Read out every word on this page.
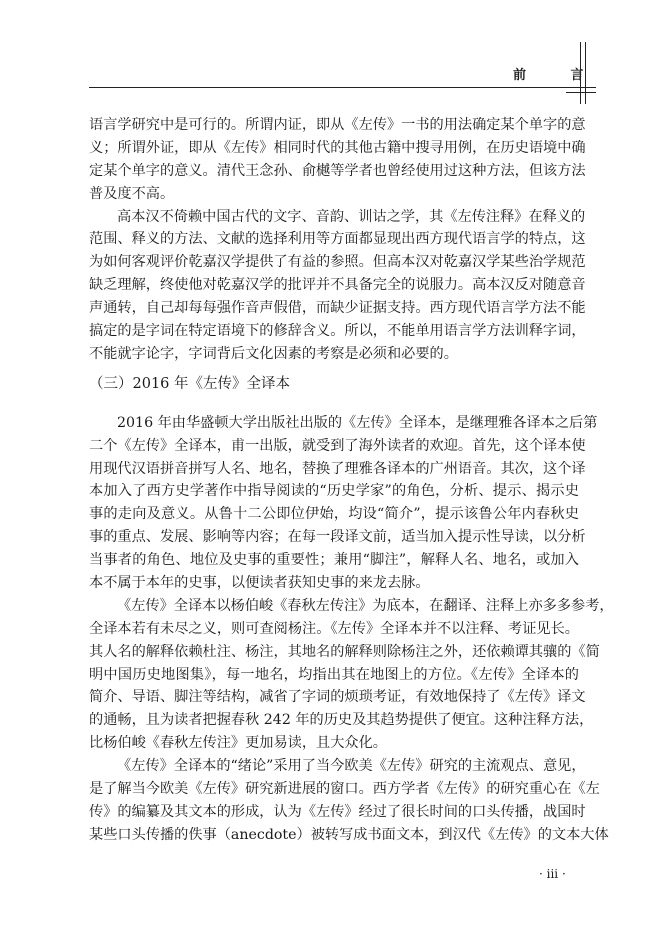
前 言
语言学研究中是可行的。所谓内证，即从《左传》一书的用法确定某个单字的意
义；所谓外证，即从《左传》相同时代的其他古籍中搜寻用例，在历史语境中确
定某个单字的意义。清代王念孙、俞樾等学者也曾经使用过这种方法，但该方法
普及度不高。
高本汉不倚赖中国古代的文字、音韵、训诂之学，其《左传注释》在释义的
范围、释义的方法、文献的选择利用等方面都显现出西方现代语言学的特点，这
为如何客观评价乾嘉汉学提供了有益的参照。但高本汉对乾嘉汉学某些治学规范
缺乏理解，终使他对乾嘉汉学的批评并不具备完全的说服力。高本汉反对随意音
声通转，自己却每每强作音声假借，而缺少证据支持。西方现代语言学方法不能
搞定的是字词在特定语境下的修辞含义。所以，不能单用语言学方法训释字词，
不能就字论字，字词背后文化因素的考察是必须和必要的。
（三）2016 年《左传》全译本
2016 年由华盛顿大学出版社出版的《左传》全译本，是继理雅各译本之后第
二个《左传》全译本，甫一出版，就受到了海外读者的欢迎。首先，这个译本使
用现代汉语拼音拼写人名、地名，替换了理雅各译本的广州语音。其次，这个译
本加入了西方史学著作中指导阅读的“历史学家”的角色，分析、提示、揭示史
事的走向及意义。从鲁十二公即位伊始，均设“简介”，提示该鲁公年内春秋史
事的重点、发展、影响等内容；在每一段译文前，适当加入提示性导读，以分析
当事者的角色、地位及史事的重要性；兼用“脚注”，解释人名、地名，或加入
本不属于本年的史事，以便读者获知史事的来龙去脉。
《左传》全译本以杨伯峻《春秋左传注》为底本，在翻译、注释上亦多多参考，
全译本若有未尽之义，则可查阅杨注。《左传》全译本并不以注释、考证见长。
其人名的解释依赖杜注、杨注，其地名的解释则除杨注之外，还依赖谭其骧的《简
明中国历史地图集》，每一地名，均指出其在地图上的方位。《左传》全译本的
简介、导语、脚注等结构，减省了字词的烦琐考证，有效地保持了《左传》译文
的通畅，且为读者把握春秋 242 年的历史及其趋势提供了便宜。这种注释方法，
比杨伯峻《春秋左传注》更加易读，且大众化。
《左传》全译本的“绪论”采用了当今欧美《左传》研究的主流观点、意见，
是了解当今欧美《左传》研究新进展的窗口。西方学者《左传》的研究重心在《左
传》的编纂及其文本的形成，认为《左传》经过了很长时间的口头传播，战国时
某些口头传播的佚事（anecdote）被转写成书面文本，到汉代《左传》的文本大体
· iii ·
